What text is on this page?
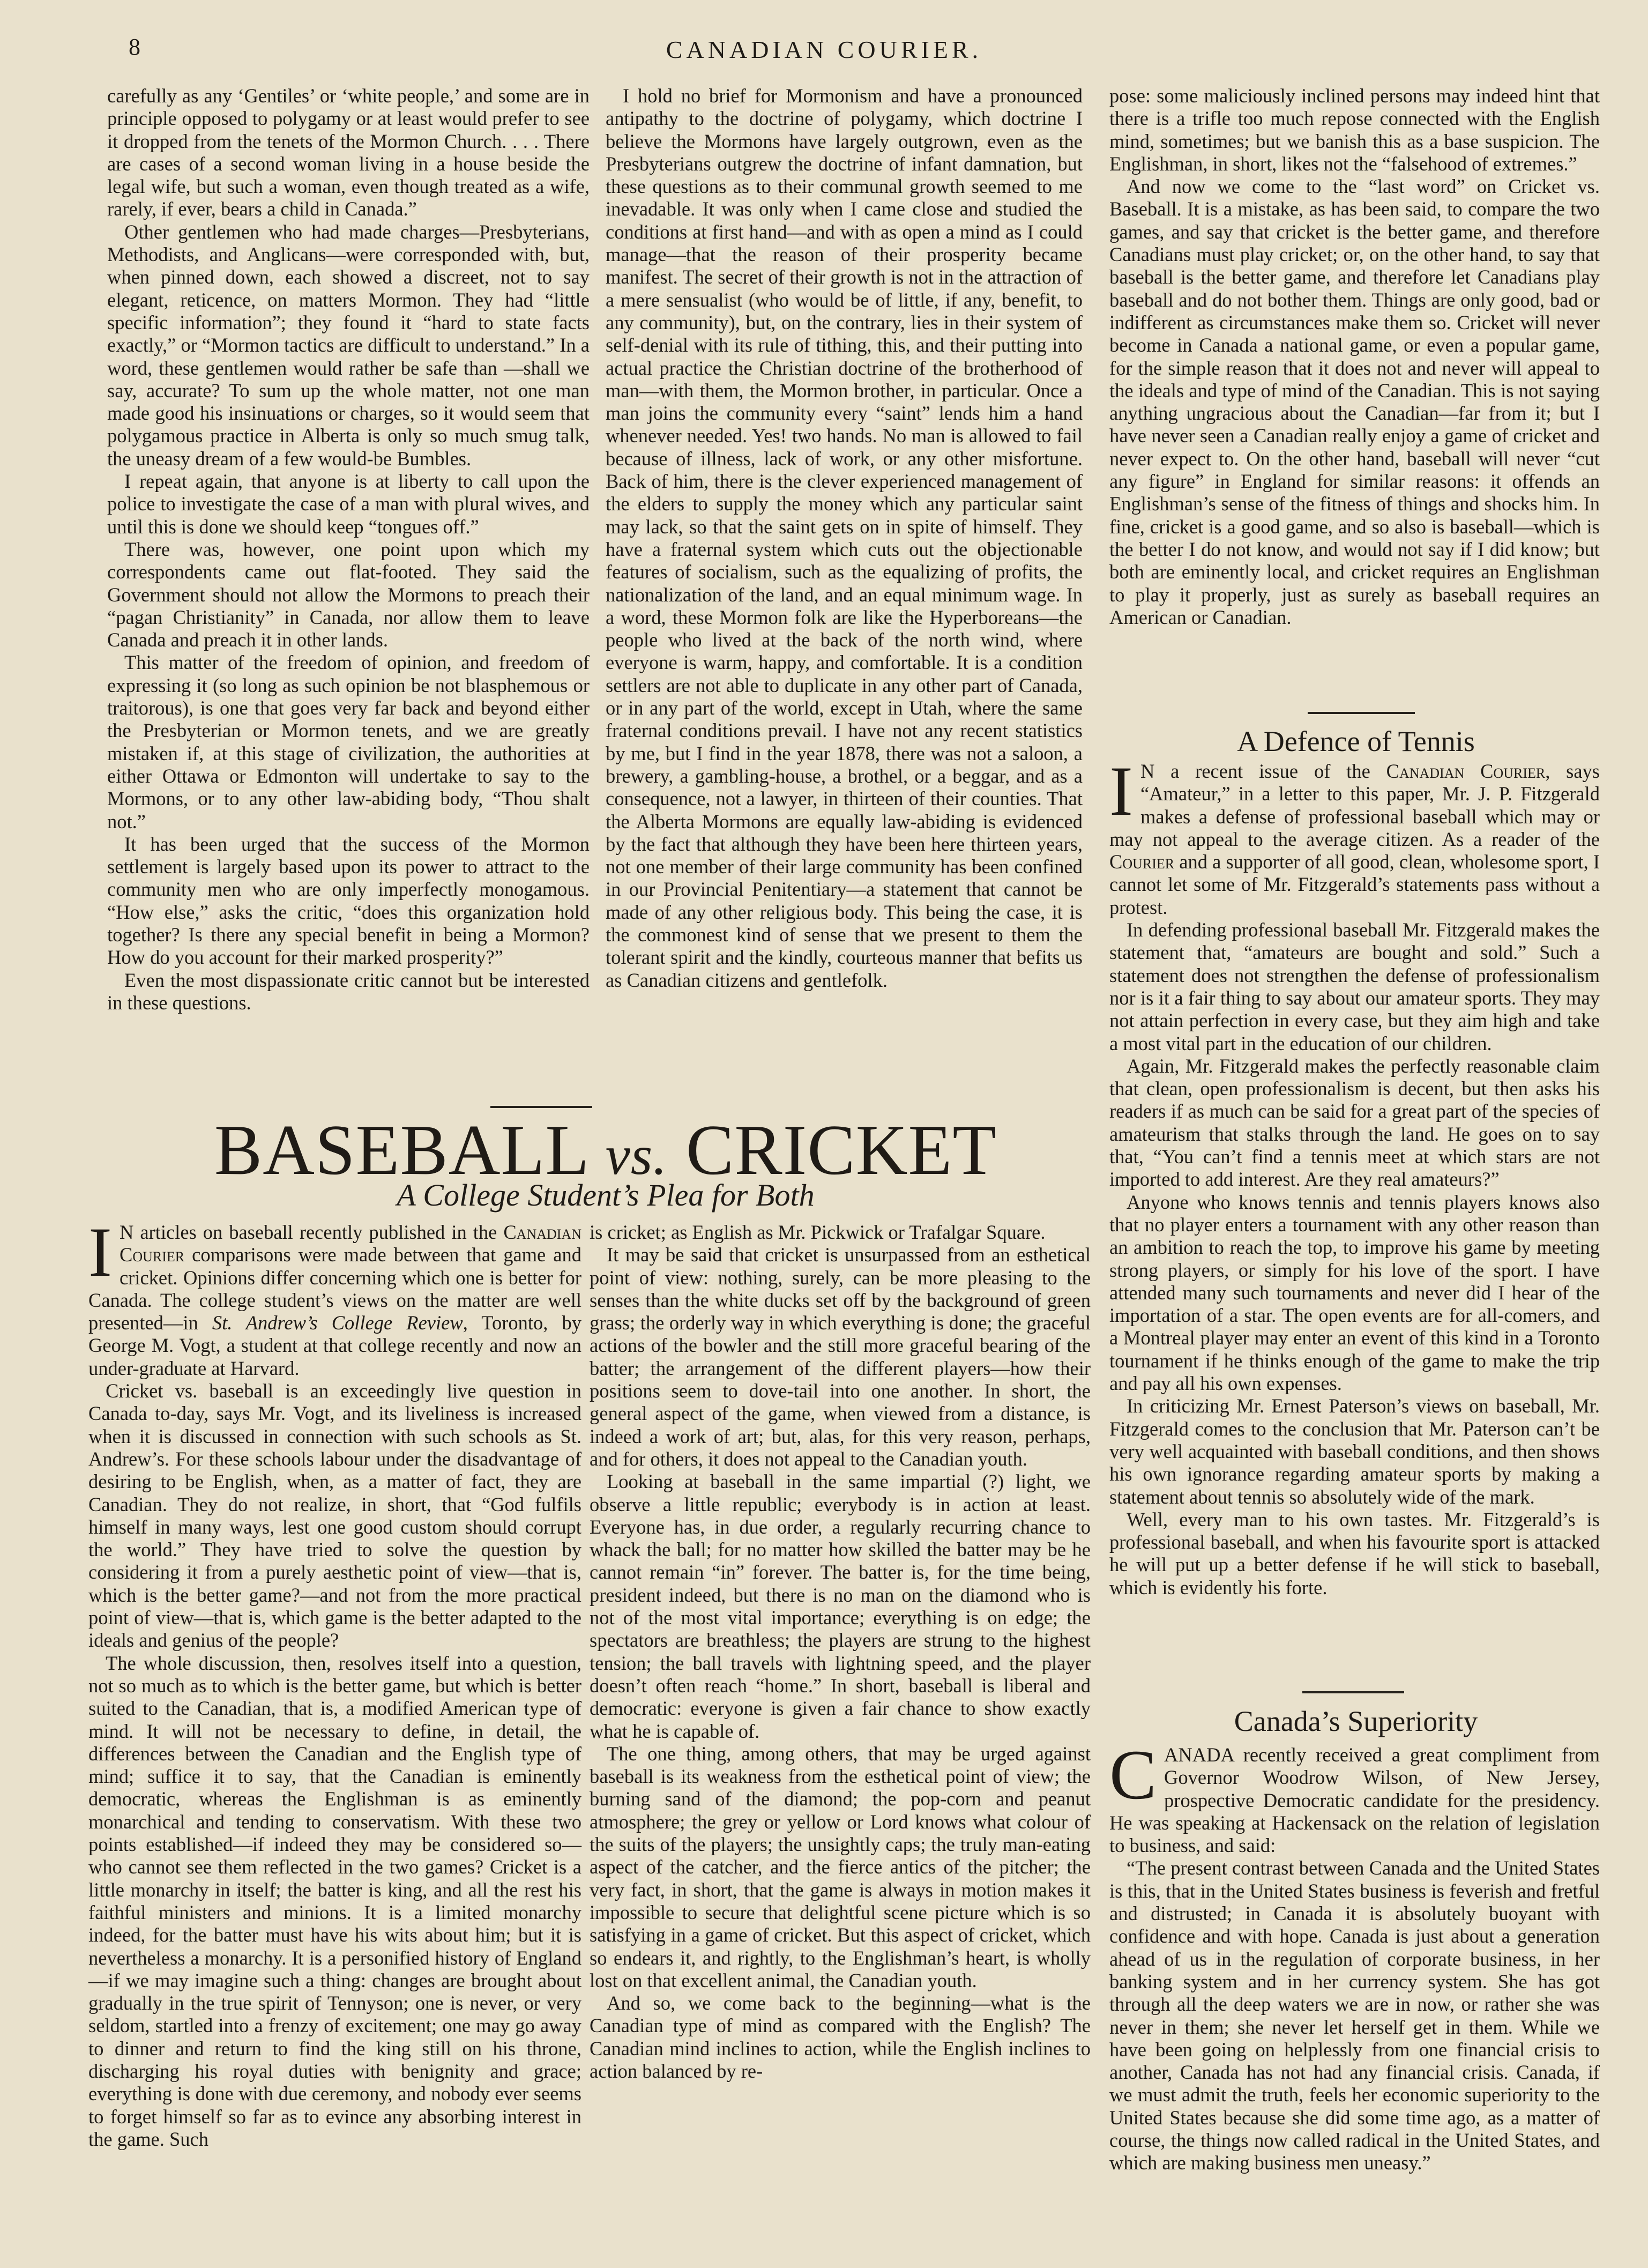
8	CANADIAN COURIER.

carefully as any ‘Gentiles’ or ‘white people,’ and some are in principle opposed to polygamy or at least would prefer to see it dropped from the tenets of the Mormon Church. . . . There are cases of a second woman living in a house beside the legal wife, but such a woman, even though treated as a wife, rarely, if ever, bears a child in Canada.”

Other gentlemen who had made charges—Presbyterians, Methodists, and Anglicans—were corresponded with, but, when pinned down, each showed a discreet, not to say elegant, reticence, on matters Mormon. They had “little specific information”; they found it “hard to state facts exactly,” or “Mormon tactics are difficult to understand.” In a word, these gentlemen would rather be safe than —shall we say, accurate? To sum up the whole matter, not one man made good his insinuations or charges, so it would seem that polygamous practice in Alberta is only so much smug talk, the uneasy dream of a few would-be Bumbles.

I repeat again, that anyone is at liberty to call upon the police to investigate the case of a man with plural wives, and until this is done we should keep “tongues off.”

There was, however, one point upon which my correspondents came out flat-footed. They said the Government should not allow the Mormons to preach their “pagan Christianity” in Canada, nor allow them to leave Canada and preach it in other lands.

This matter of the freedom of opinion, and freedom of expressing it (so long as such opinion be not blasphemous or traitorous), is one that goes very far back and beyond either the Presbyterian or Mormon tenets, and we are greatly mistaken if, at this stage of civilization, the authorities at either Ottawa or Edmonton will undertake to say to the Mormons, or to any other law-abiding body, “Thou shalt not.”

It has been urged that the success of the Mormon settlement is largely based upon its power to attract to the community men who are only imperfectly monogamous. “How else,” asks the critic, “does this organization hold together? Is there any special benefit in being a Mormon? How do you account for their marked prosperity?”

Even the most dispassionate critic cannot but be interested in these questions.

I hold no brief for Mormonism and have a pronounced antipathy to the doctrine of polygamy, which doctrine I believe the Mormons have largely outgrown, even as the Presbyterians outgrew the doctrine of infant damnation, but these questions as to their communal growth seemed to me inevadable. It was only when I came close and studied the conditions at first hand—and with as open a mind as I could manage—that the reason of their prosperity became manifest. The secret of their growth is not in the attraction of a mere sensualist (who would be of little, if any, benefit, to any community), but, on the contrary, lies in their system of self-denial with its rule of tithing, this, and their putting into actual practice the Christian doctrine of the brotherhood of man—with them, the Mormon brother, in particular. Once a man joins the community every “saint” lends him a hand whenever needed. Yes! two hands. No man is allowed to fail because of illness, lack of work, or any other misfortune. Back of him, there is the clever experienced management of the elders to supply the money which any particular saint may lack, so that the saint gets on in spite of himself. They have a fraternal system which cuts out the objectionable features of socialism, such as the equalizing of profits, the nationalization of the land, and an equal minimum wage. In a word, these Mormon folk are like the Hyperboreans—the people who lived at the back of the north wind, where everyone is warm, happy, and comfortable. It is a condition settlers are not able to duplicate in any other part of Canada, or in any part of the world, except in Utah, where the same fraternal conditions prevail. I have not any recent statistics by me, but I find in the year 1878, there was not a saloon, a brewery, a gambling-house, a brothel, or a beggar, and as a consequence, not a lawyer, in thirteen of their counties. That the Alberta Mormons are equally law-abiding is evidenced by the fact that although they have been here thirteen years, not one member of their large community has been confined in our Provincial Penitentiary—a statement that cannot be made of any other religious body. This being the case, it is the commonest kind of sense that we present to them the tolerant spirit and the kindly, courteous manner that befits us as Canadian citizens and gentlefolk.

pose: some maliciously inclined persons may indeed hint that there is a trifle too much repose connected with the English mind, sometimes; but we banish this as a base suspicion. The Englishman, in short, likes not the “falsehood of extremes.”

And now we come to the “last word” on Cricket vs. Baseball. It is a mistake, as has been said, to compare the two games, and say that cricket is the better game, and therefore Canadians must play cricket; or, on the other hand, to say that baseball is the better game, and therefore let Canadians play baseball and do not bother them. Things are only good, bad or indifferent as circumstances make them so. Cricket will never become in Canada a national game, or even a popular game, for the simple reason that it does not and never will appeal to the ideals and type of mind of the Canadian. This is not saying anything ungracious about the Canadian—far from it; but I have never seen a Canadian really enjoy a game of cricket and never expect to. On the other hand, baseball will never “cut any figure” in England for similar reasons: it offends an Englishman’s sense of the fitness of things and shocks him. In fine, cricket is a good game, and so also is baseball—which is the better I do not know, and would not say if I did know; but both are eminently local, and cricket requires an Englishman to play it properly, just as surely as baseball requires an American or Canadian.

A Defence of Tennis

I N a recent issue of the Canadian Courier, says “Amateur,” in a letter to this paper, Mr. J. P. Fitzgerald makes a defense of professional baseball which may or may not appeal to the average citizen. As a reader of the Courier and a supporter of all good, clean, wholesome sport, I cannot let some of Mr. Fitzgerald’s statements pass without a protest.

In defending professional baseball Mr. Fitzgerald makes the statement that, “amateurs are bought and sold.” Such a statement does not strengthen the defense of professionalism nor is it a fair thing to say about our amateur sports. They may not attain perfection in every case, but they aim high and take a most vital part in the education of our children.

Again, Mr. Fitzgerald makes the perfectly reasonable claim that clean, open professionalism is decent, but then asks his readers if as much can be said for a great part of the species of amateurism that stalks through the land. He goes on to say that, “You can’t find a tennis meet at which stars are not imported to add interest. Are they real amateurs?”

Anyone who knows tennis and tennis players knows also that no player enters a tournament with any other reason than an ambition to reach the top, to improve his game by meeting strong players, or simply for his love of the sport. I have attended many such tournaments and never did I hear of the importation of a star. The open events are for all-comers, and a Montreal player may enter an event of this kind in a Toronto tournament if he thinks enough of the game to make the trip and pay all his own expenses.

In criticizing Mr. Ernest Paterson’s views on baseball, Mr. Fitzgerald comes to the conclusion that Mr. Paterson can’t be very well acquainted with baseball conditions, and then shows his own ignorance regarding amateur sports by making a statement about tennis so absolutely wide of the mark.

Well, every man to his own tastes. Mr. Fitzgerald’s is professional baseball, and when his favourite sport is attacked he will put up a better defense if he will stick to baseball, which is evidently his forte.

Canada’s Superiority

CANADA recently received a great compliment from Governor Woodrow Wilson, of New Jersey, prospective Democratic candidate for the presidency. He was speaking at Hackensack on the relation of legislation to business, and said:

“The present contrast between Canada and the United States is this, that in the United States business is feverish and fretful and distrusted; in Canada it is absolutely buoyant with confidence and with hope. Canada is just about a generation ahead of us in the regulation of corporate business, in her banking system and in her currency system. She has got through all the deep waters we are in now, or rather she was never in them; she never let herself get in them. While we have been going on helplessly from one financial crisis to another, Canada has not had any financial crisis. Canada, if we must admit the truth, feels her economic superiority to the United States because she did some time ago, as a matter of course, the things now called radical in the United States, and which are making business men uneasy.”

BASEBALL vs. CRICKET
A College Student’s Plea for Both

I N articles on baseball recently published in the Canadian Courier comparisons were made between that game and cricket. Opinions differ concerning which one is better for Canada. The college student’s views on the matter are well presented—in St. Andrew’s College Review, Toronto, by George M. Vogt, a student at that college recently and now an under-graduate at Harvard.

Cricket vs. baseball is an exceedingly live question in Canada to-day, says Mr. Vogt, and its liveliness is increased when it is discussed in connection with such schools as St. Andrew’s. For these schools labour under the disadvantage of desiring to be English, when, as a matter of fact, they are Canadian. They do not realize, in short, that “God fulfils himself in many ways, lest one good custom should corrupt the world.” They have tried to solve the question by considering it from a purely aesthetic point of view—that is, which is the better game?—and not from the more practical point of view—that is, which game is the better adapted to the ideals and genius of the people?

The whole discussion, then, resolves itself into a question, not so much as to which is the better game, but which is better suited to the Canadian, that is, a modified American type of mind. It will not be necessary to define, in detail, the differences between the Canadian and the English type of mind; suffice it to say, that the Canadian is eminently democratic, whereas the Englishman is as eminently monarchical and tending to conservatism. With these two points established—if indeed they may be considered so—who cannot see them reflected in the two games? Cricket is a little monarchy in itself; the batter is king, and all the rest his faithful ministers and minions. It is a limited monarchy indeed, for the batter must have his wits about him; but it is nevertheless a monarchy. It is a personified history of England—if we may imagine such a thing: changes are brought about gradually in the true spirit of Tennyson; one is never, or very seldom, startled into a frenzy of excitement; one may go away to dinner and return to find the king still on his throne, discharging his royal duties with benignity and grace; everything is done with due ceremony, and nobody ever seems to forget himself so far as to evince any absorbing interest in the game. Such

is cricket; as English as Mr. Pickwick or Trafalgar Square.

It may be said that cricket is unsurpassed from an esthetical point of view: nothing, surely, can be more pleasing to the senses than the white ducks set off by the background of green grass; the orderly way in which everything is done; the graceful actions of the bowler and the still more graceful bearing of the batter; the arrangement of the different players—how their positions seem to dove-tail into one another. In short, the general aspect of the game, when viewed from a distance, is indeed a work of art; but, alas, for this very reason, perhaps, and for others, it does not appeal to the Canadian youth.

Looking at baseball in the same impartial (?) light, we observe a little republic; everybody is in action at least. Everyone has, in due order, a regularly recurring chance to whack the ball; for no matter how skilled the batter may be he cannot remain “in” forever. The batter is, for the time being, president indeed, but there is no man on the diamond who is not of the most vital importance; everything is on edge; the spectators are breathless; the players are strung to the highest tension; the ball travels with lightning speed, and the player doesn’t often reach “home.” In short, baseball is liberal and democratic: everyone is given a fair chance to show exactly what he is capable of.

The one thing, among others, that may be urged against baseball is its weakness from the esthetical point of view; the burning sand of the diamond; the pop-corn and peanut atmosphere; the grey or yellow or Lord knows what colour of the suits of the players; the unsightly caps; the truly man-eating aspect of the catcher, and the fierce antics of the pitcher; the very fact, in short, that the game is always in motion makes it impossible to secure that delightful scene picture which is so satisfying in a game of cricket. But this aspect of cricket, which so endears it, and rightly, to the Englishman’s heart, is wholly lost on that excellent animal, the Canadian youth.

And so, we come back to the beginning—what is the Canadian type of mind as compared with the English? The Canadian mind inclines to action, while the English inclines to action balanced by re-
